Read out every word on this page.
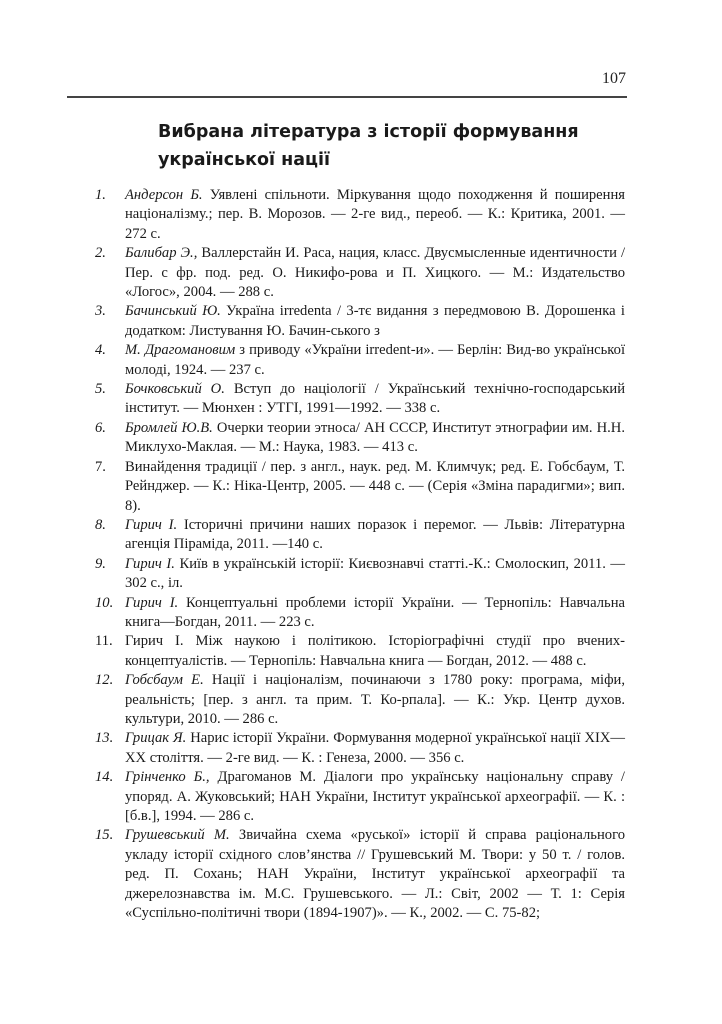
107
Вибрана література з історії формування української нації
1. Андерсон Б. Уявлені спільноти. Міркування щодо походження й поширення націоналізму.; пер. В. Морозов. — 2-ге вид., переоб. — К.: Критика, 2001. — 272 с.
2. Балибар Э., Валлерстайн И. Раса, нация, класс. Двусмысленные идентичности / Пер. с фр. под. ред. О. Никифо-рова и П. Хицкого. — М.: Издательство «Логос», 2004. — 288 с.
3. Бачинський Ю. Україна irredenta / 3-тє видання з передмовою В. Дорошенка і додатком: Листування Ю. Бачин-ського з
4. М. Драгомановим з приводу «України irredent-и». — Берлін: Вид-во української молоді, 1924. — 237 с.
5. Бочковський О. Вступ до націології / Український технічно-господарський інститут. — Мюнхен : УТГІ, 1991—1992. — 338 с.
6. Бромлей Ю.В. Очерки теории этноса/ АН СССР, Институт этнографии им. Н.Н. Миклухо-Маклая. — М.: Наука, 1983. — 413 с.
7. Винайдення традиції / пер. з англ., наук. ред. М. Климчук; ред. Е. Гобсбаум, Т. Рейнджер. — К.: Ніка-Центр, 2005. — 448 с. — (Серія «Зміна парадигми»; вип. 8).
8. Гирич І. Історичні причини наших поразок і перемог. — Львів: Літературна агенція Піраміда, 2011. —140 с.
9. Гирич І. Київ в українській історії: Києвознавчі статті.-К.: Смолоскип, 2011. — 302 с., іл.
10. Гирич І. Концептуальні проблеми історії України. — Тернопіль: Навчальна книга—Богдан, 2011. — 223 с.
11. Гирич І. Між наукою і політикою. Історіографічні студії про вчених-концептуалістів. — Тернопіль: Навчальна книга — Богдан, 2012. — 488 с.
12. Гобсбаум Е. Нації і націоналізм, починаючи з 1780 року: програма, міфи, реальність; [пер. з англ. та прим. Т. Ко-рпала]. — К.: Укр. Центр духов. культури, 2010. — 286 с.
13. Грицак Я. Нарис історії України. Формування модерної української нації ХІХ—ХХ століття. — 2-ге вид. — К. : Генеза, 2000. — 356 с.
14. Грінченко Б., Драгоманов М. Діалоги про українську національну справу / упоряд. А. Жуковський; НАН України, Інститут української археографії. — К. : [б.в.], 1994. — 286 с.
15. Грушевський М. Звичайна схема «руської» історії й справа раціонального укладу історії східного слов’янства // Грушевський М. Твори: у 50 т. / голов. ред. П. Сохань; НАН України, Інститут української археографії та джерелознавства ім. М.С. Грушевського. — Л.: Світ, 2002 — Т. 1: Серія «Суспільно-політичні твори (1894-1907)». — К., 2002. — С. 75-82;
